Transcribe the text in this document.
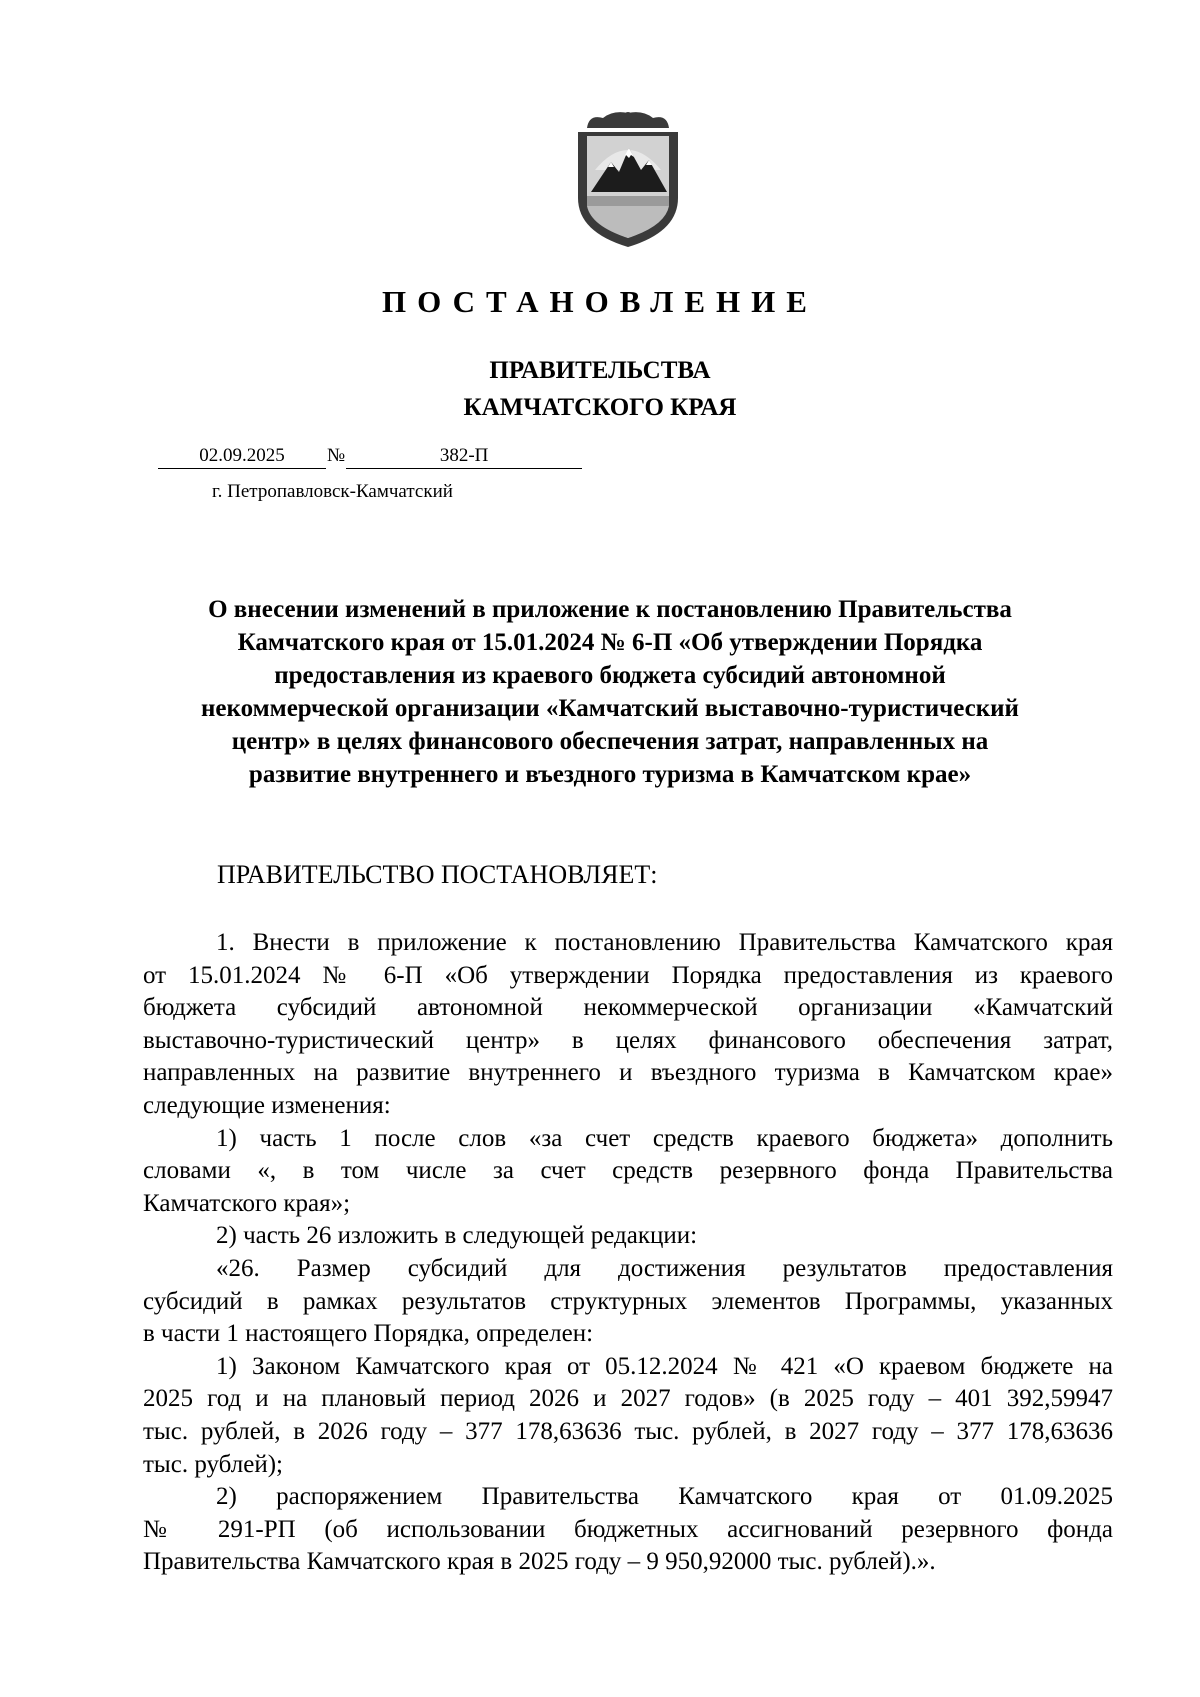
ПОСТАНОВЛЕНИЕ
ПРАВИТЕЛЬСТВА
КАМЧАТСКОГО КРАЯ
02.09.2025 №	382-П
г. Петропавловск-Камчатский
О внесении изменений в приложение к постановлению Правительства
Камчатского края от 15.01.2024 № 6-П «Об утверждении Порядка
предоставления из краевого бюджета субсидий автономной
некоммерческой организации «Камчатский выставочно-туристический
центр» в целях финансового обеспечения затрат, направленных на
развитие внутреннего и въездного туризма в Камчатском крае»
ПРАВИТЕЛЬСТВО ПОСТАНОВЛЯЕТ:

1. Внести в приложение к постановлению Правительства Камчатского края
от 15.01.2024 № 6-П «Об утверждении Порядка предоставления из краевого
бюджета субсидий автономной некоммерческой организации «Камчатский
выставочно-туристический центр» в целях финансового обеспечения затрат,
направленных на развитие внутреннего и въездного туризма в Камчатском крае»
следующие изменения:

1) часть 1 после слов «за счет средств краевого бюджета» дополнить
словами «, в том числе за счет средств резервного фонда Правительства
Камчатского края»;

2) часть 26 изложить в следующей редакции:

«26. Размер субсидий для достижения результатов предоставления
субсидий в рамках результатов структурных элементов Программы, указанных
в части 1 настоящего Порядка, определен:

1) Законом Камчатского края от 05.12.2024 № 421 «О краевом бюджете на
2025 год и на плановый период 2026 и 2027 годов» (в 2025 году – 401 392,59947
тыс. рублей, в 2026 году – 377 178,63636 тыс. рублей, в 2027 году – 377 178,63636
тыс. рублей);

2) распоряжением Правительства Камчатского края от 01.09.2025
№ 291-РП (об использовании бюджетных ассигнований резервного фонда
Правительства Камчатского края в 2025 году – 9 950,92000 тыс. рублей).».
